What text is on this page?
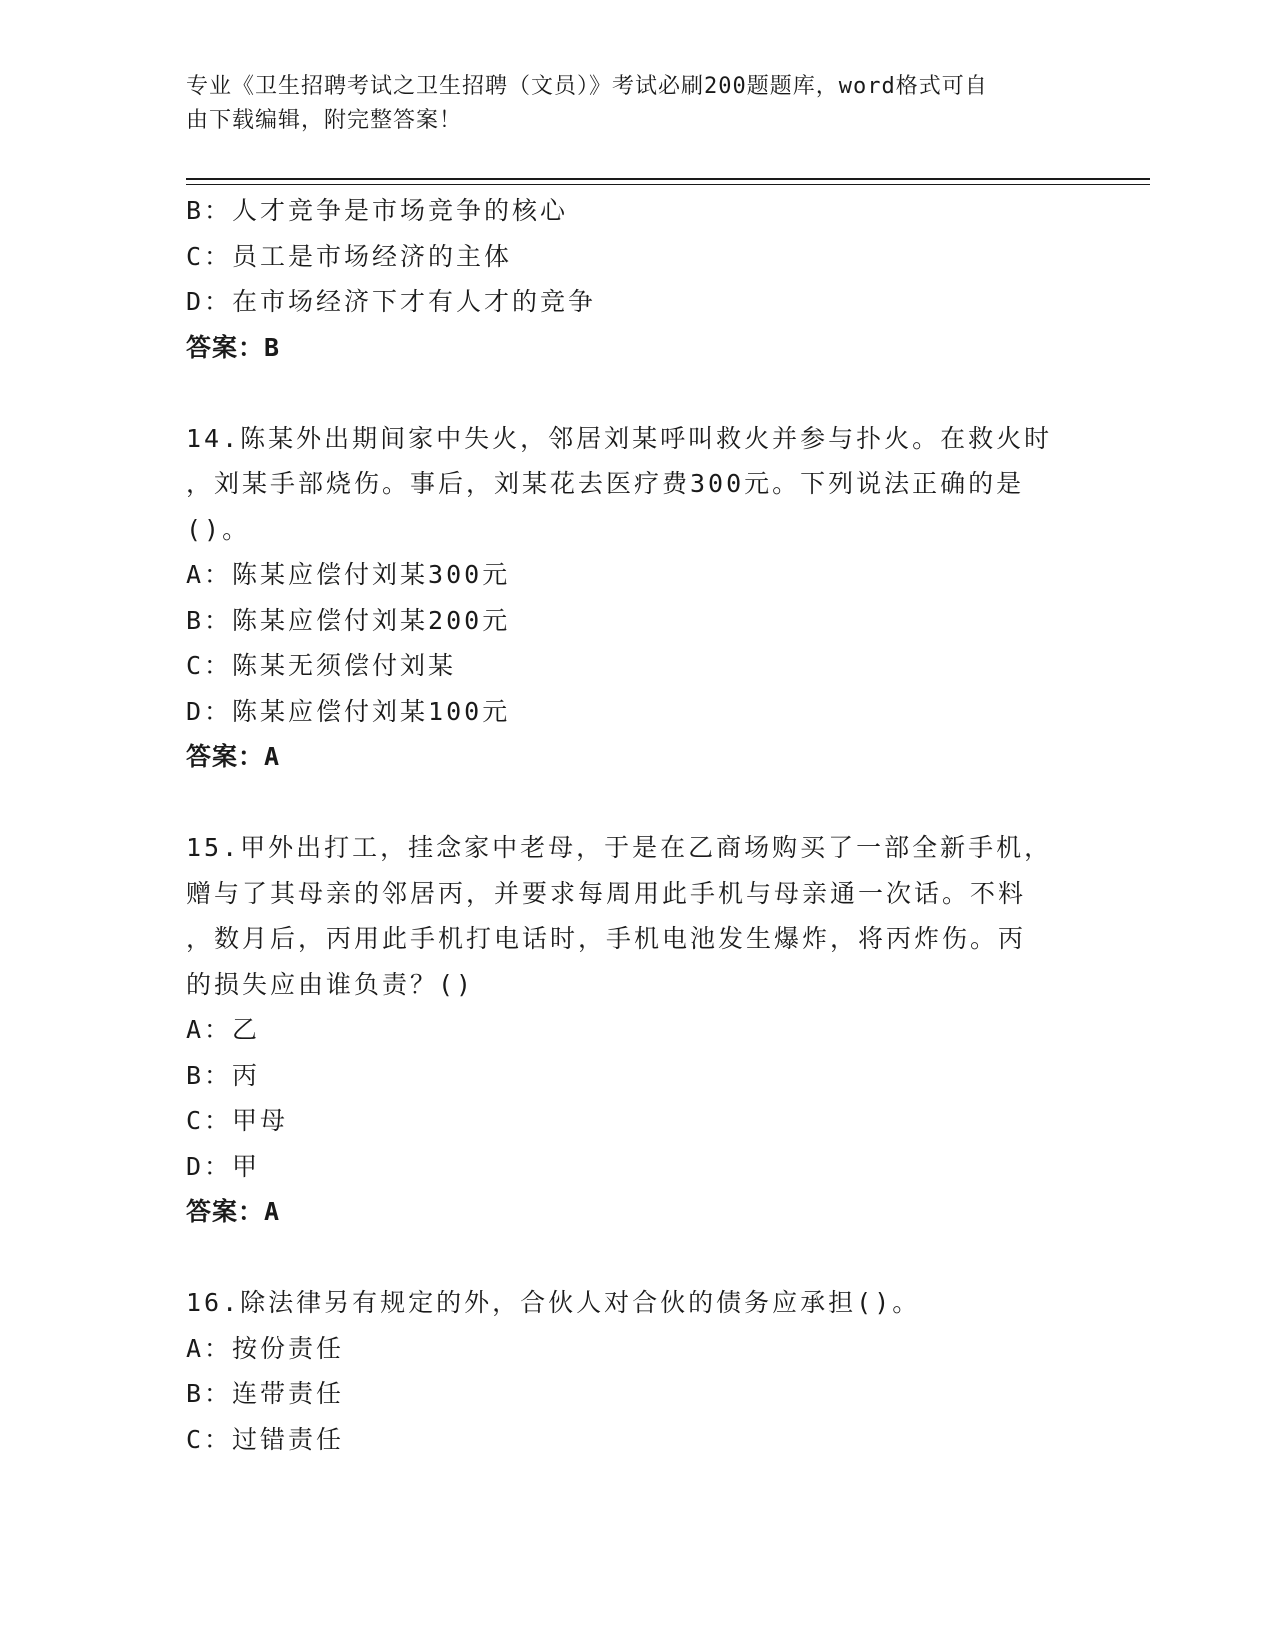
专业《卫生招聘考试之卫生招聘（文员）》考试必刷200题题库，word格式可自
由下载编辑，附完整答案！
B：人才竞争是市场竞争的核心
C：员工是市场经济的主体
D：在市场经济下才有人才的竞争
答案：B
14.陈某外出期间家中失火，邻居刘某呼叫救火并参与扑火。在救火时
，刘某手部烧伤。事后，刘某花去医疗费300元。下列说法正确的是
()。
A：陈某应偿付刘某300元
B：陈某应偿付刘某200元
C：陈某无须偿付刘某
D：陈某应偿付刘某100元
答案：A
15.甲外出打工，挂念家中老母，于是在乙商场购买了一部全新手机，
赠与了其母亲的邻居丙，并要求每周用此手机与母亲通一次话。不料
，数月后，丙用此手机打电话时，手机电池发生爆炸，将丙炸伤。丙
的损失应由谁负责？()
A：乙
B：丙
C：甲母
D：甲
答案：A
16.除法律另有规定的外，合伙人对合伙的债务应承担()。
A：按份责任
B：连带责任
C：过错责任
